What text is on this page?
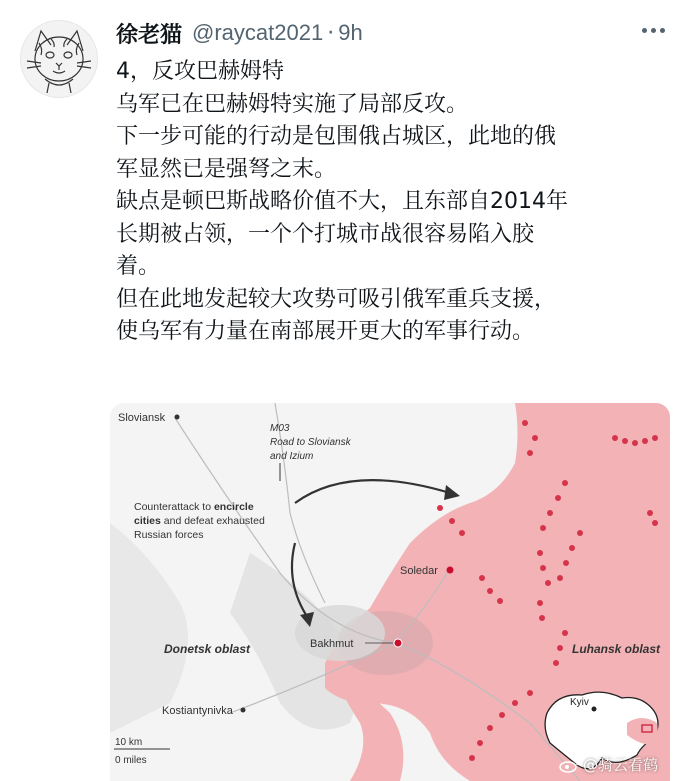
徐老猫 @raycat2021 · 9h

4，反攻巴赫姆特

乌军已在巴赫姆特实施了局部反攻。

下一步可能的行动是包围俄占城区，此地的俄

军显然已是强弩之末。

缺点是顿巴斯战略价值不大，且东部自2014年

长期被占领，一个个打城市战很容易陷入胶

着。

但在此地发起较大攻势可吸引俄军重兵支援，

使乌军有力量在南部展开更大的军事行动。

Sloviansk
M03
Road to Sloviansk
and Izium
Counterattack to encircle
cities and defeat exhausted
Russian forces
Soledar
Bakhmut
Donetsk oblast	Luhansk oblast
Kostiantynivka
10 km
0 miles
Kyiv
@骑云看鹤
